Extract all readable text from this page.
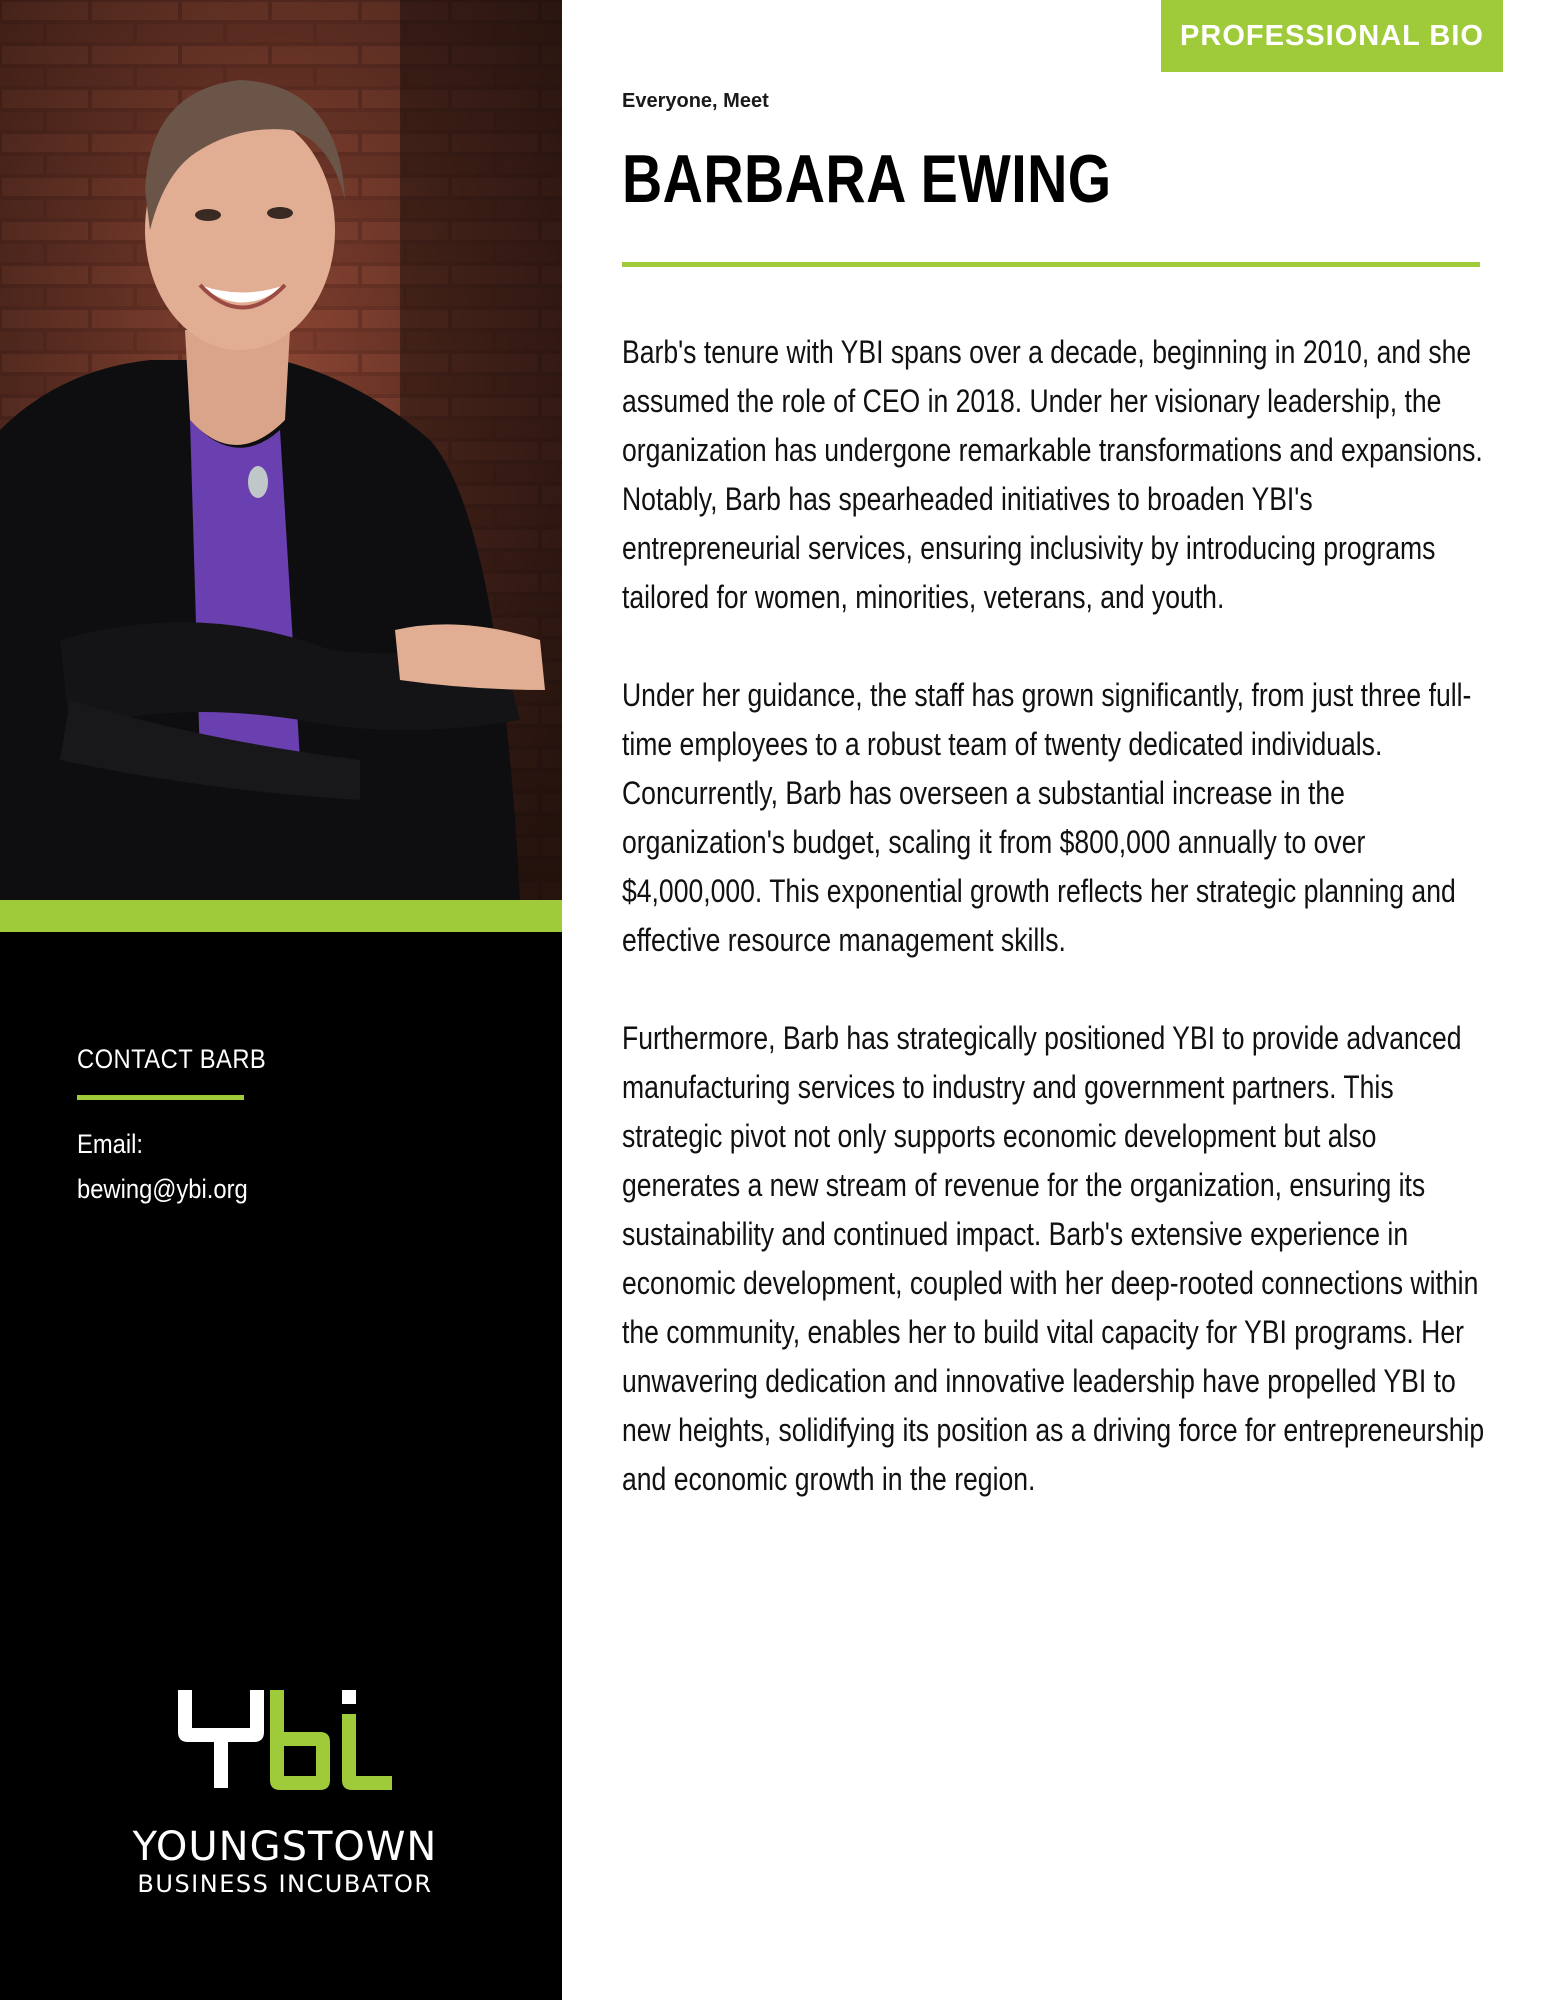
CONTACT BARB
Email:
bewing@ybi.org
YOUNGSTOWN
BUSINESS INCUBATOR
PROFESSIONAL BIO
Everyone, Meet
BARBARA EWING

Barb's tenure with YBI spans over a decade, beginning in 2010, and she assumed the role of CEO in 2018. Under her visionary leadership, the organization has undergone remarkable transformations and expansions. Notably, Barb has spearheaded initiatives to broaden YBI's entrepreneurial services, ensuring inclusivity by introducing programs tailored for women, minorities, veterans, and youth.

Under her guidance, the staff has grown significantly, from just three full-time employees to a robust team of twenty dedicated individuals. Concurrently, Barb has overseen a substantial increase in the organization's budget, scaling it from $800,000 annually to over $4,000,000. This exponential growth reflects her strategic planning and effective resource management skills.

Furthermore, Barb has strategically positioned YBI to provide advanced manufacturing services to industry and government partners. This strategic pivot not only supports economic development but also generates a new stream of revenue for the organization, ensuring its sustainability and continued impact. Barb's extensive experience in economic development, coupled with her deep-rooted connections within the community, enables her to build vital capacity for YBI programs. Her unwavering dedication and innovative leadership have propelled YBI to new heights, solidifying its position as a driving force for entrepreneurship and economic growth in the region.
